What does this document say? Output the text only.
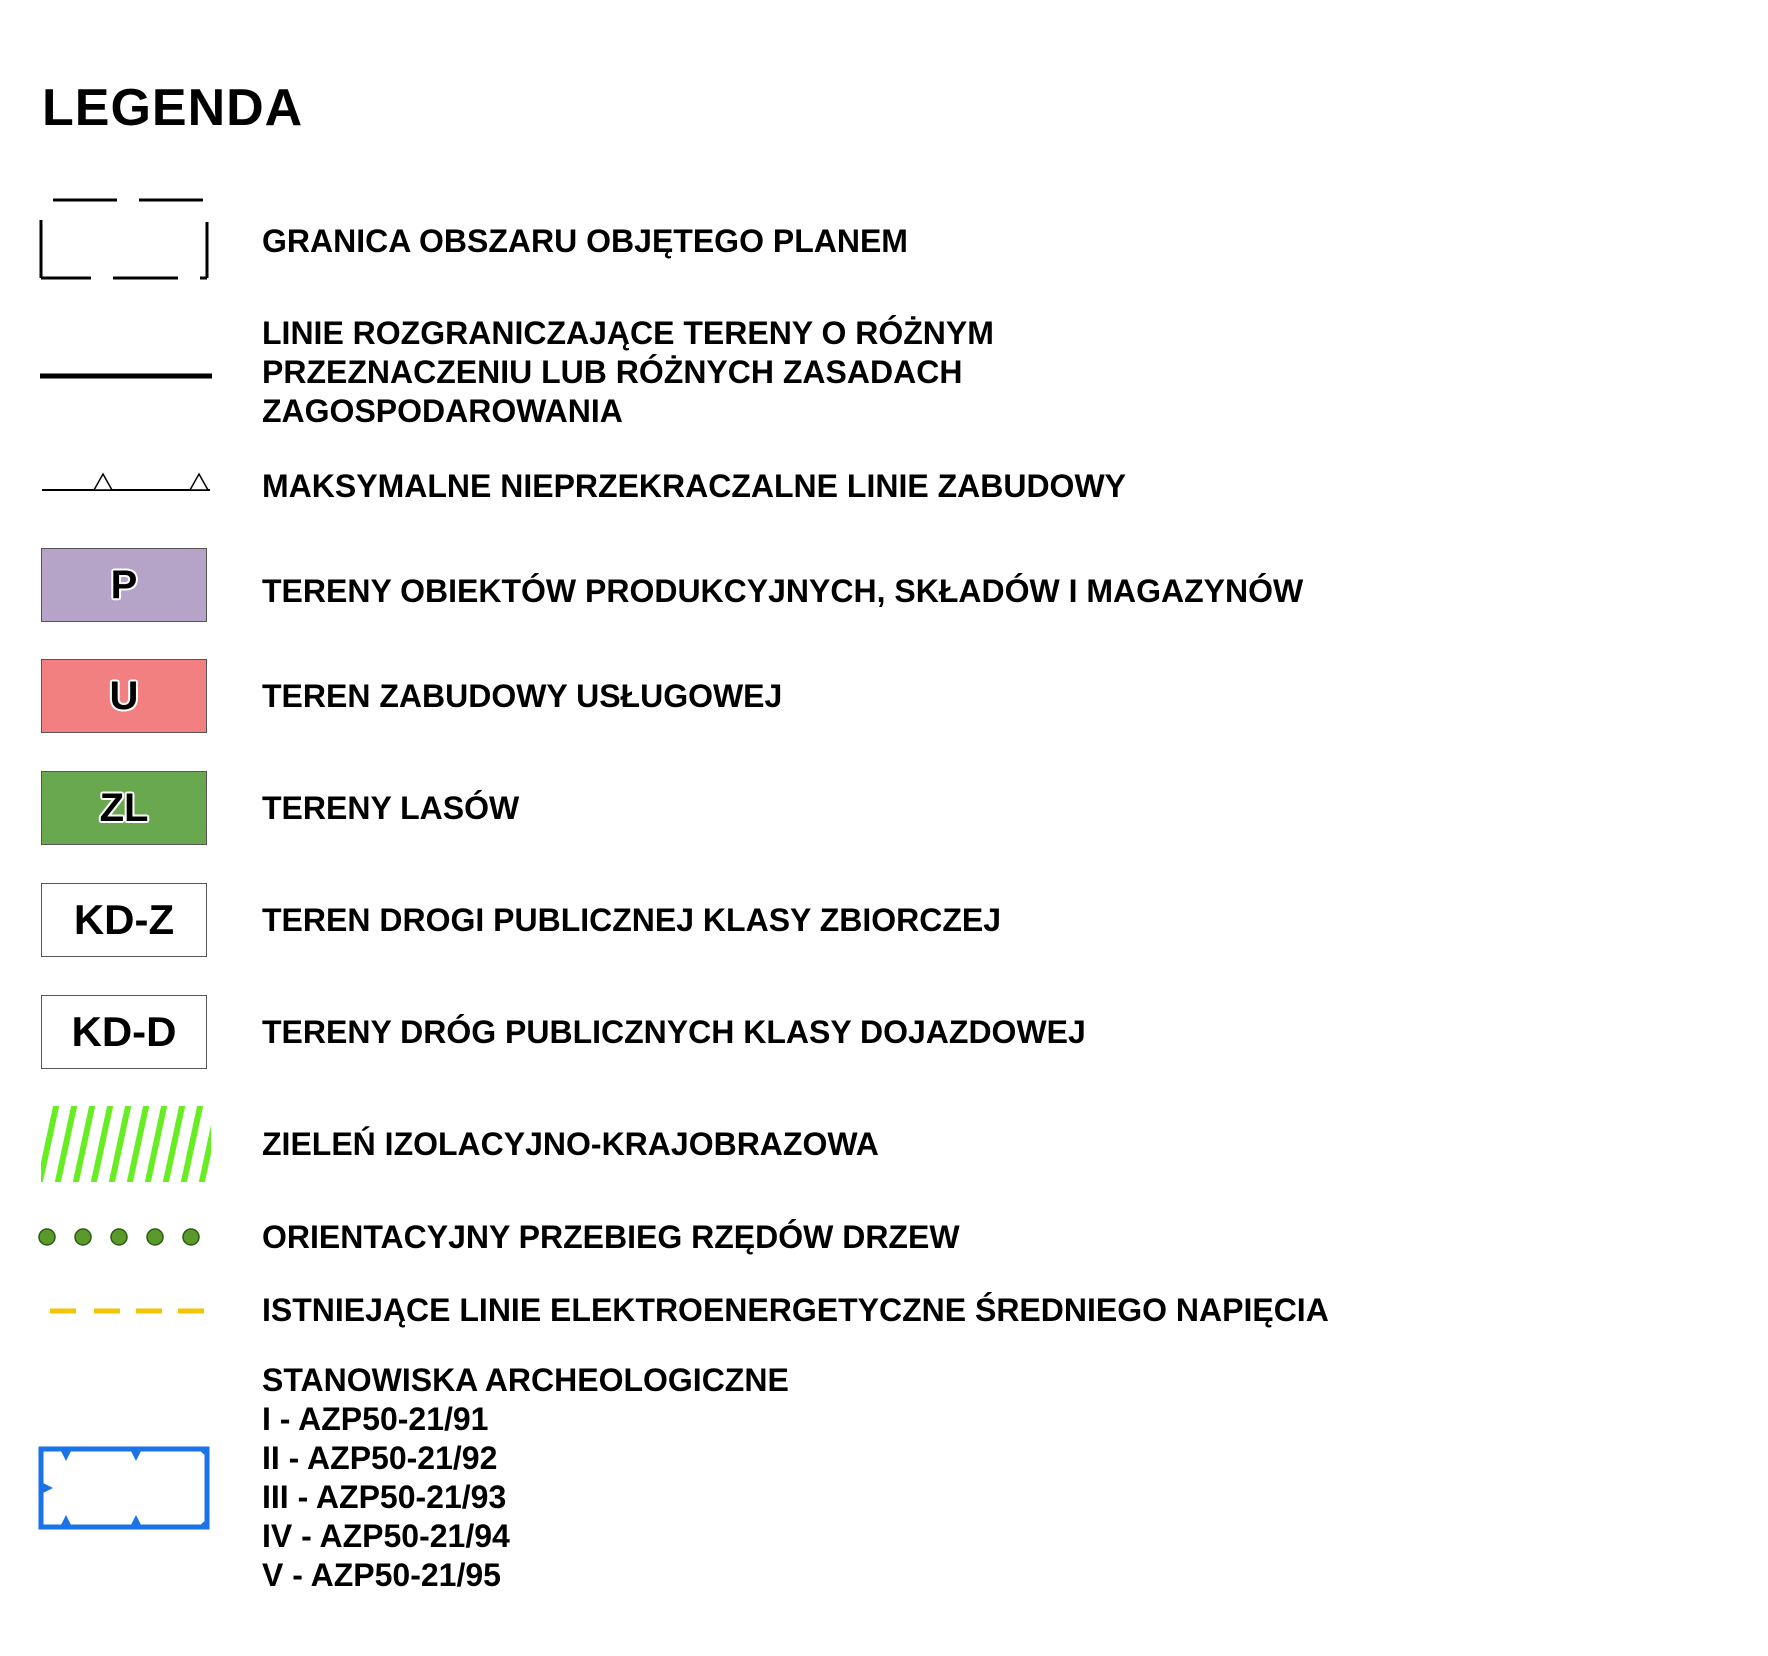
LEGENDA
GRANICA OBSZARU OBJĘTEGO PLANEM
LINIE ROZGRANICZAJĄCE TERENY O RÓŻNYM
PRZEZNACZENIU LUB RÓŻNYCH ZASADACH
ZAGOSPODAROWANIA
MAKSYMALNE NIEPRZEKRACZALNE LINIE ZABUDOWY
P	TERENY OBIEKTÓW PRODUKCYJNYCH, SKŁADÓW I MAGAZYNÓW
U	TEREN ZABUDOWY USŁUGOWEJ
ZL	TERENY LASÓW
KD-Z	TEREN DROGI PUBLICZNEJ KLASY ZBIORCZEJ
KD-D	TERENY DRÓG PUBLICZNYCH KLASY DOJAZDOWEJ
ZIELEŃ IZOLACYJNO-KRAJOBRAZOWA
ORIENTACYJNY PRZEBIEG RZĘDÓW DRZEW
ISTNIEJĄCE LINIE ELEKTROENERGETYCZNE ŚREDNIEGO NAPIĘCIA
STANOWISKA ARCHEOLOGICZNE
I - AZP50-21/91
II - AZP50-21/92
III - AZP50-21/93
IV - AZP50-21/94
V - AZP50-21/95
